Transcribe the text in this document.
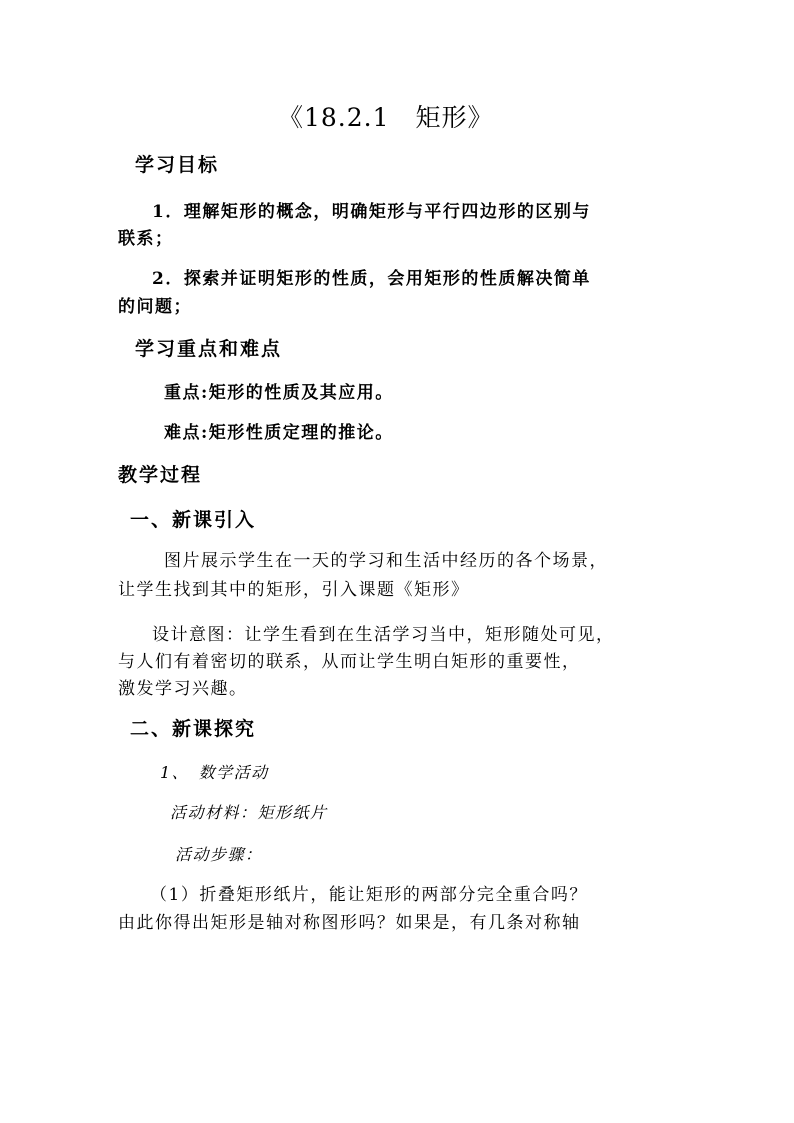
《18.2.1　矩形》
学习目标
1．理解矩形的概念，明确矩形与平行四边形的区别与
联系；
2．探索并证明矩形的性质，会用矩形的性质解决简单
的问题；
学习重点和难点
重点:矩形的性质及其应用。
难点:矩形性质定理的推论。
教学过程
一、新课引入
图片展示学生在一天的学习和生活中经历的各个场景，
让学生找到其中的矩形，引入课题《矩形》
设计意图：让学生看到在生活学习当中，矩形随处可见，
与人们有着密切的联系，从而让学生明白矩形的重要性，
激发学习兴趣。
二、新课探究
1、　数学活动
活动材料：矩形纸片
活动步骤：
（1）折叠矩形纸片，能让矩形的两部分完全重合吗？
由此你得出矩形是轴对称图形吗？如果是，有几条对称轴
